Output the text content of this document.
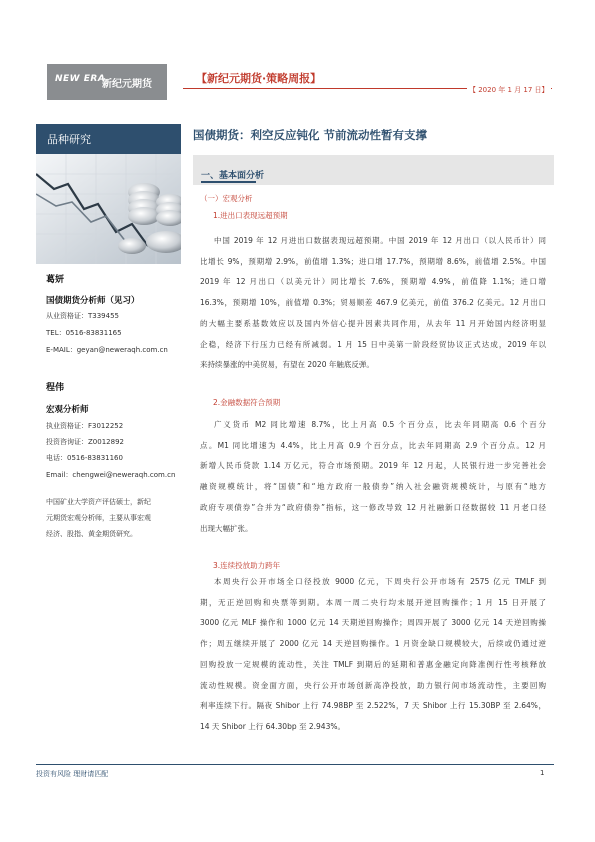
NEW ERA
新纪元期货	【新纪元期货·策略周报】
【 2020 年 1 月 17 日】
品种研究
葛妍
国债期货分析师（见习）
从业资格证：T339455
TEL：0516-83831165
E-MAIL：geyan@neweraqh.com.cn
程伟
宏观分析师
执业资格证：F3012252
投资咨询证：Z0012892
电话：0516-83831160
Email：chengwei@neweraqh.com.cn
中国矿业大学资产评估硕士，新纪
元期货宏观分析师，主要从事宏观
经济、股指、黄金期货研究。
国债期货：利空反应钝化 节前流动性暂有支撑
一、基本面分析
（一）宏观分析
1.进出口表现远超预期
中国 2019 年 12 月进出口数据表现远超预期。中国 2019 年 12 月出口（以人民币计）同
比增长 9%，预期增 2.9%，前值增 1.3%；进口增 17.7%，预期增 8.6%，前值增 2.5%。中国
2019 年 12 月出口（以美元计）同比增长 7.6%，预期增 4.9%，前值降 1.1%；进口增
16.3%，预期增 10%，前值增 0.3%；贸易顺差 467.9 亿美元，前值 376.2 亿美元。12 月出口
的大幅主要系基数效应以及国内外信心提升因素共同作用，从去年 11 月开始国内经济明显
企稳，经济下行压力已经有所减弱。1 月 15 日中美第一阶段经贸协议正式达成，2019 年以
来持续暴涨的中美贸易，有望在 2020 年触底反弹。
2.金融数据符合预期
广义货币 M2 同比增速 8.7%，比上月高 0.5 个百分点，比去年同期高 0.6 个百分
点。M1 同比增速为 4.4%，比上月高 0.9 个百分点，比去年同期高 2.9 个百分点。12 月
新增人民币贷款 1.14 万亿元，符合市场预期。2019 年 12 月起，人民银行进一步完善社会
融资规模统计，将“国债”和“地方政府一般债券”纳入社会融资规模统计，与原有“地方
政府专项债券”合并为“政府债券”指标，这一修改导致 12 月社融新口径数据较 11 月老口径
出现大幅扩张。
3.连续投放助力跨年
本周央行公开市场全口径投放 9000 亿元，下周央行公开市场有 2575 亿元 TMLF 到
期，无正逆回购和央票等到期。本周一周二央行均未展开逆回购操作；1 月 15 日开展了
3000 亿元 MLF 操作和 1000 亿元 14 天期逆回购操作；周四开展了 3000 亿元 14 天逆回购操
作；周五继续开展了 2000 亿元 14 天逆回购操作。1 月资金缺口规模较大，后续或仍通过逆
回购投放一定规模的流动性，关注 TMLF 到期后的延期和普惠金融定向降准例行性考核释放
流动性规模。资金面方面，央行公开市场创新高净投放，助力银行间市场流动性，主要回购
利率连续下行。隔夜 Shibor 上行 74.98BP 至 2.522%，7 天 Shibor 上行 15.30BP 至 2.64%，
14 天 Shibor 上行 64.30bp 至 2.943%。
投资有风险 理财请匹配	1
